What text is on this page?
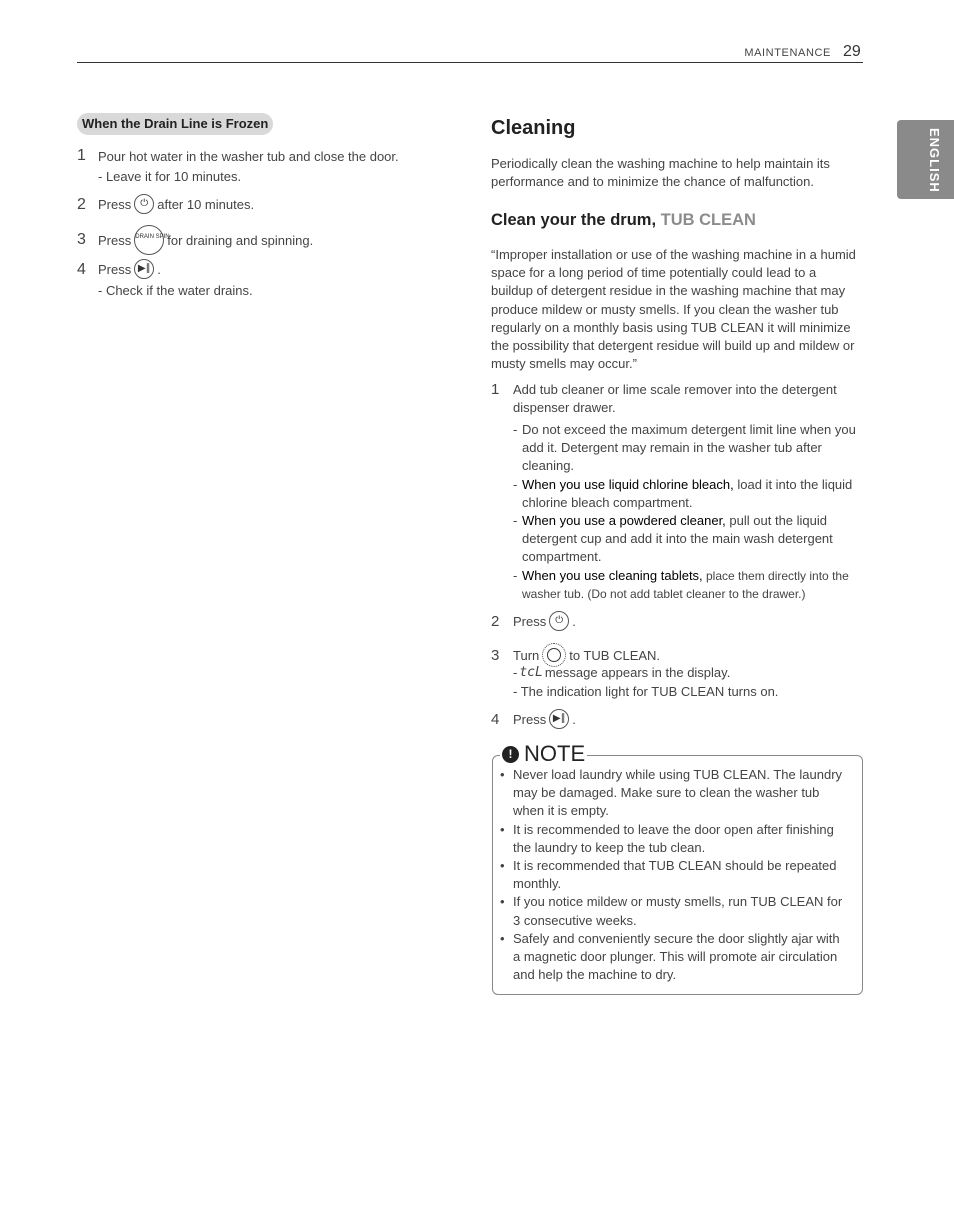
MAINTENANCE 29
ENGLISH
When the Drain Line is Frozen
1 Pour hot water in the washer tub and close the door.
- Leave it for 10 minutes.
2 Press ⏻ after 10 minutes.
3 Press DRAIN SPIN
for draining and spinning.
4 Press ▶∥ .
- Check if the water drains.
Cleaning
Periodically clean the washing machine to help maintain its performance and to minimize the chance of malfunction.
Clean your the drum, TUB CLEAN
“Improper installation or use of the washing machine in a humid space for a long period of time potentially could lead to a buildup of detergent residue in the washing machine that may produce mildew or musty smells. If you clean the washer tub regularly on a monthly basis using TUB CLEAN it will minimize the possibility that detergent residue will build up and mildew or musty smells may occur.”
1 Add tub cleaner or lime scale remover into the detergent dispenser drawer.
- Do not exceed the maximum detergent limit line when you add it. Detergent may remain in the washer tub after cleaning.
- When you use liquid chlorine bleach, load it into the liquid chlorine bleach compartment.
- When you use a powdered cleaner, pull out the liquid detergent cup and add it into the main wash detergent compartment.
- When you use cleaning tablets, place them directly into the washer tub. (Do not add tablet cleaner to the drawer.)
2 Press ⏻ .
3 Turn to TUB CLEAN.
- tcL message appears in the display.
- The indication light for TUB CLEAN turns on.
4 Press ▶∥ .
! NOTE
• Never load laundry while using TUB CLEAN. The laundry may be damaged. Make sure to clean the washer tub when it is empty.
• It is recommended to leave the door open after finishing the laundry to keep the tub clean.
• It is recommended that TUB CLEAN should be repeated monthly.
• If you notice mildew or musty smells, run TUB CLEAN for 3 consecutive weeks.
• Safely and conveniently secure the door slightly ajar with a magnetic door plunger. This will promote air circulation and help the machine to dry.
